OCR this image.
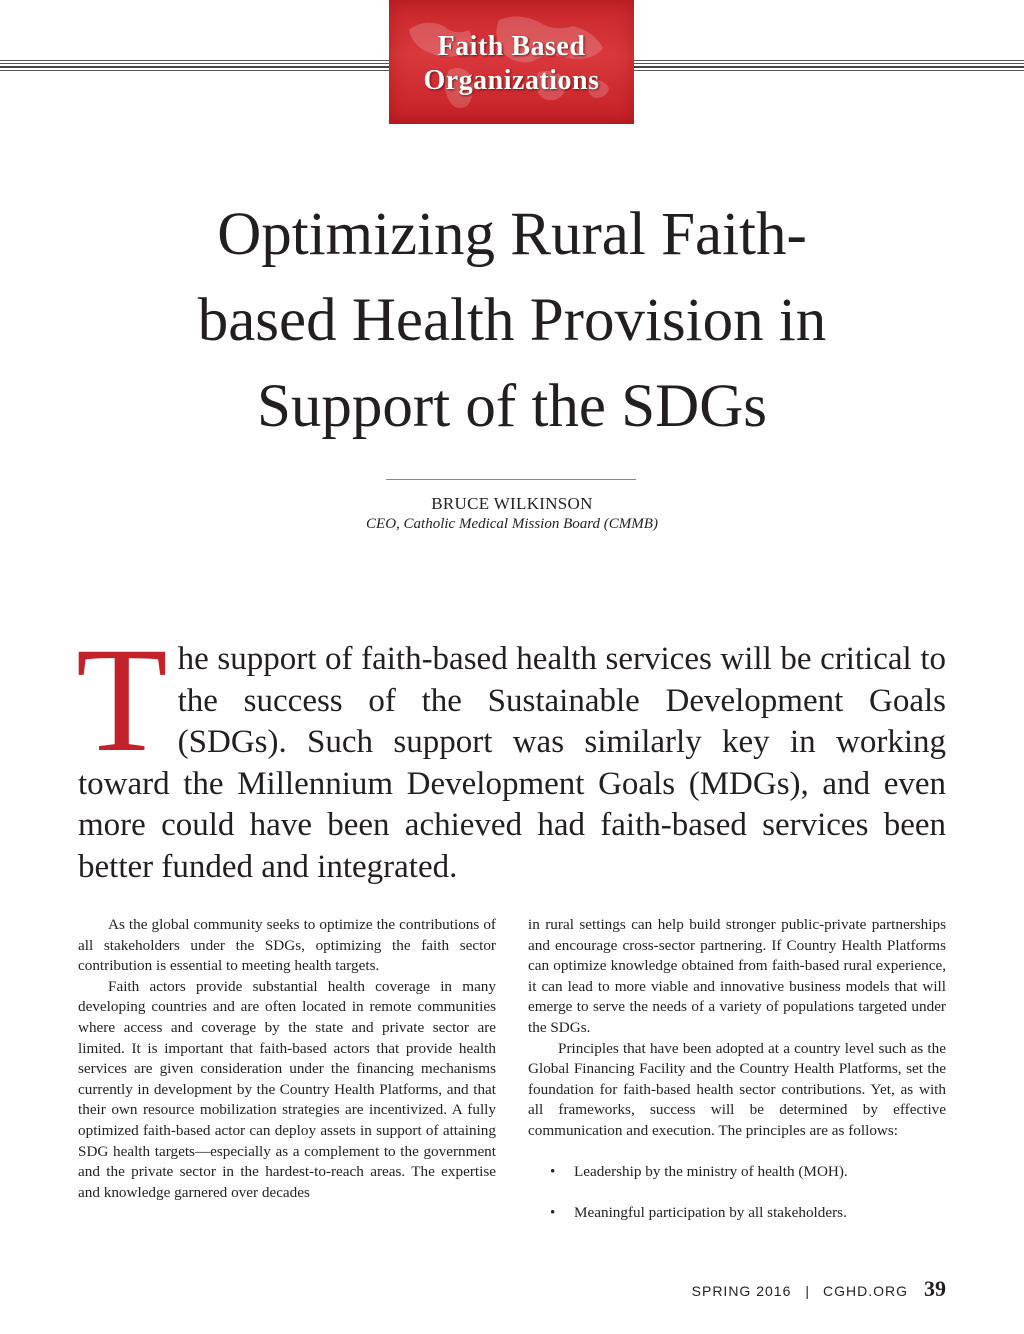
Faith Based
Organizations
Optimizing Rural Faith-
based Health Provision in
Support of the SDGs
BRUCE WILKINSON
CEO, Catholic Medical Mission Board (CMMB)

The support of faith-based health services will be critical to the success of the Sustainable Development Goals (SDGs). Such support was similarly key in working toward the Millennium Development Goals (MDGs), and even more could have been achieved had faith-based services been better funded and integrated.

As the global community seeks to optimize the contributions of all stakeholders under the SDGs, optimizing the faith sector contribution is essential to meeting health targets.

Faith actors provide substantial health coverage in many developing countries and are often located in remote communities where access and coverage by the state and private sector are limited. It is important that faith-based actors that provide health services are given consideration under the financing mechanisms currently in development by the Country Health Platforms, and that their own resource mobilization strategies are incentivized. A fully optimized faith-based actor can deploy assets in support of attaining SDG health targets—especially as a complement to the government and the private sector in the hardest-to-reach areas. The expertise and knowledge garnered over decades

in rural settings can help build stronger public-private partnerships and encourage cross-sector partnering. If Country Health Platforms can optimize knowledge obtained from faith-based rural experience, it can lead to more viable and innovative business models that will emerge to serve the needs of a variety of populations targeted under the SDGs.

Principles that have been adopted at a country level such as the Global Financing Facility and the Country Health Platforms, set the foundation for faith-based health sector contributions. Yet, as with all frameworks, success will be determined by effective communication and execution. The principles are as follows:

• Leadership by the ministry of health (MOH).
• Meaningful participation by all stakeholders.
SPRING 2016 | CGHD.ORG 39
